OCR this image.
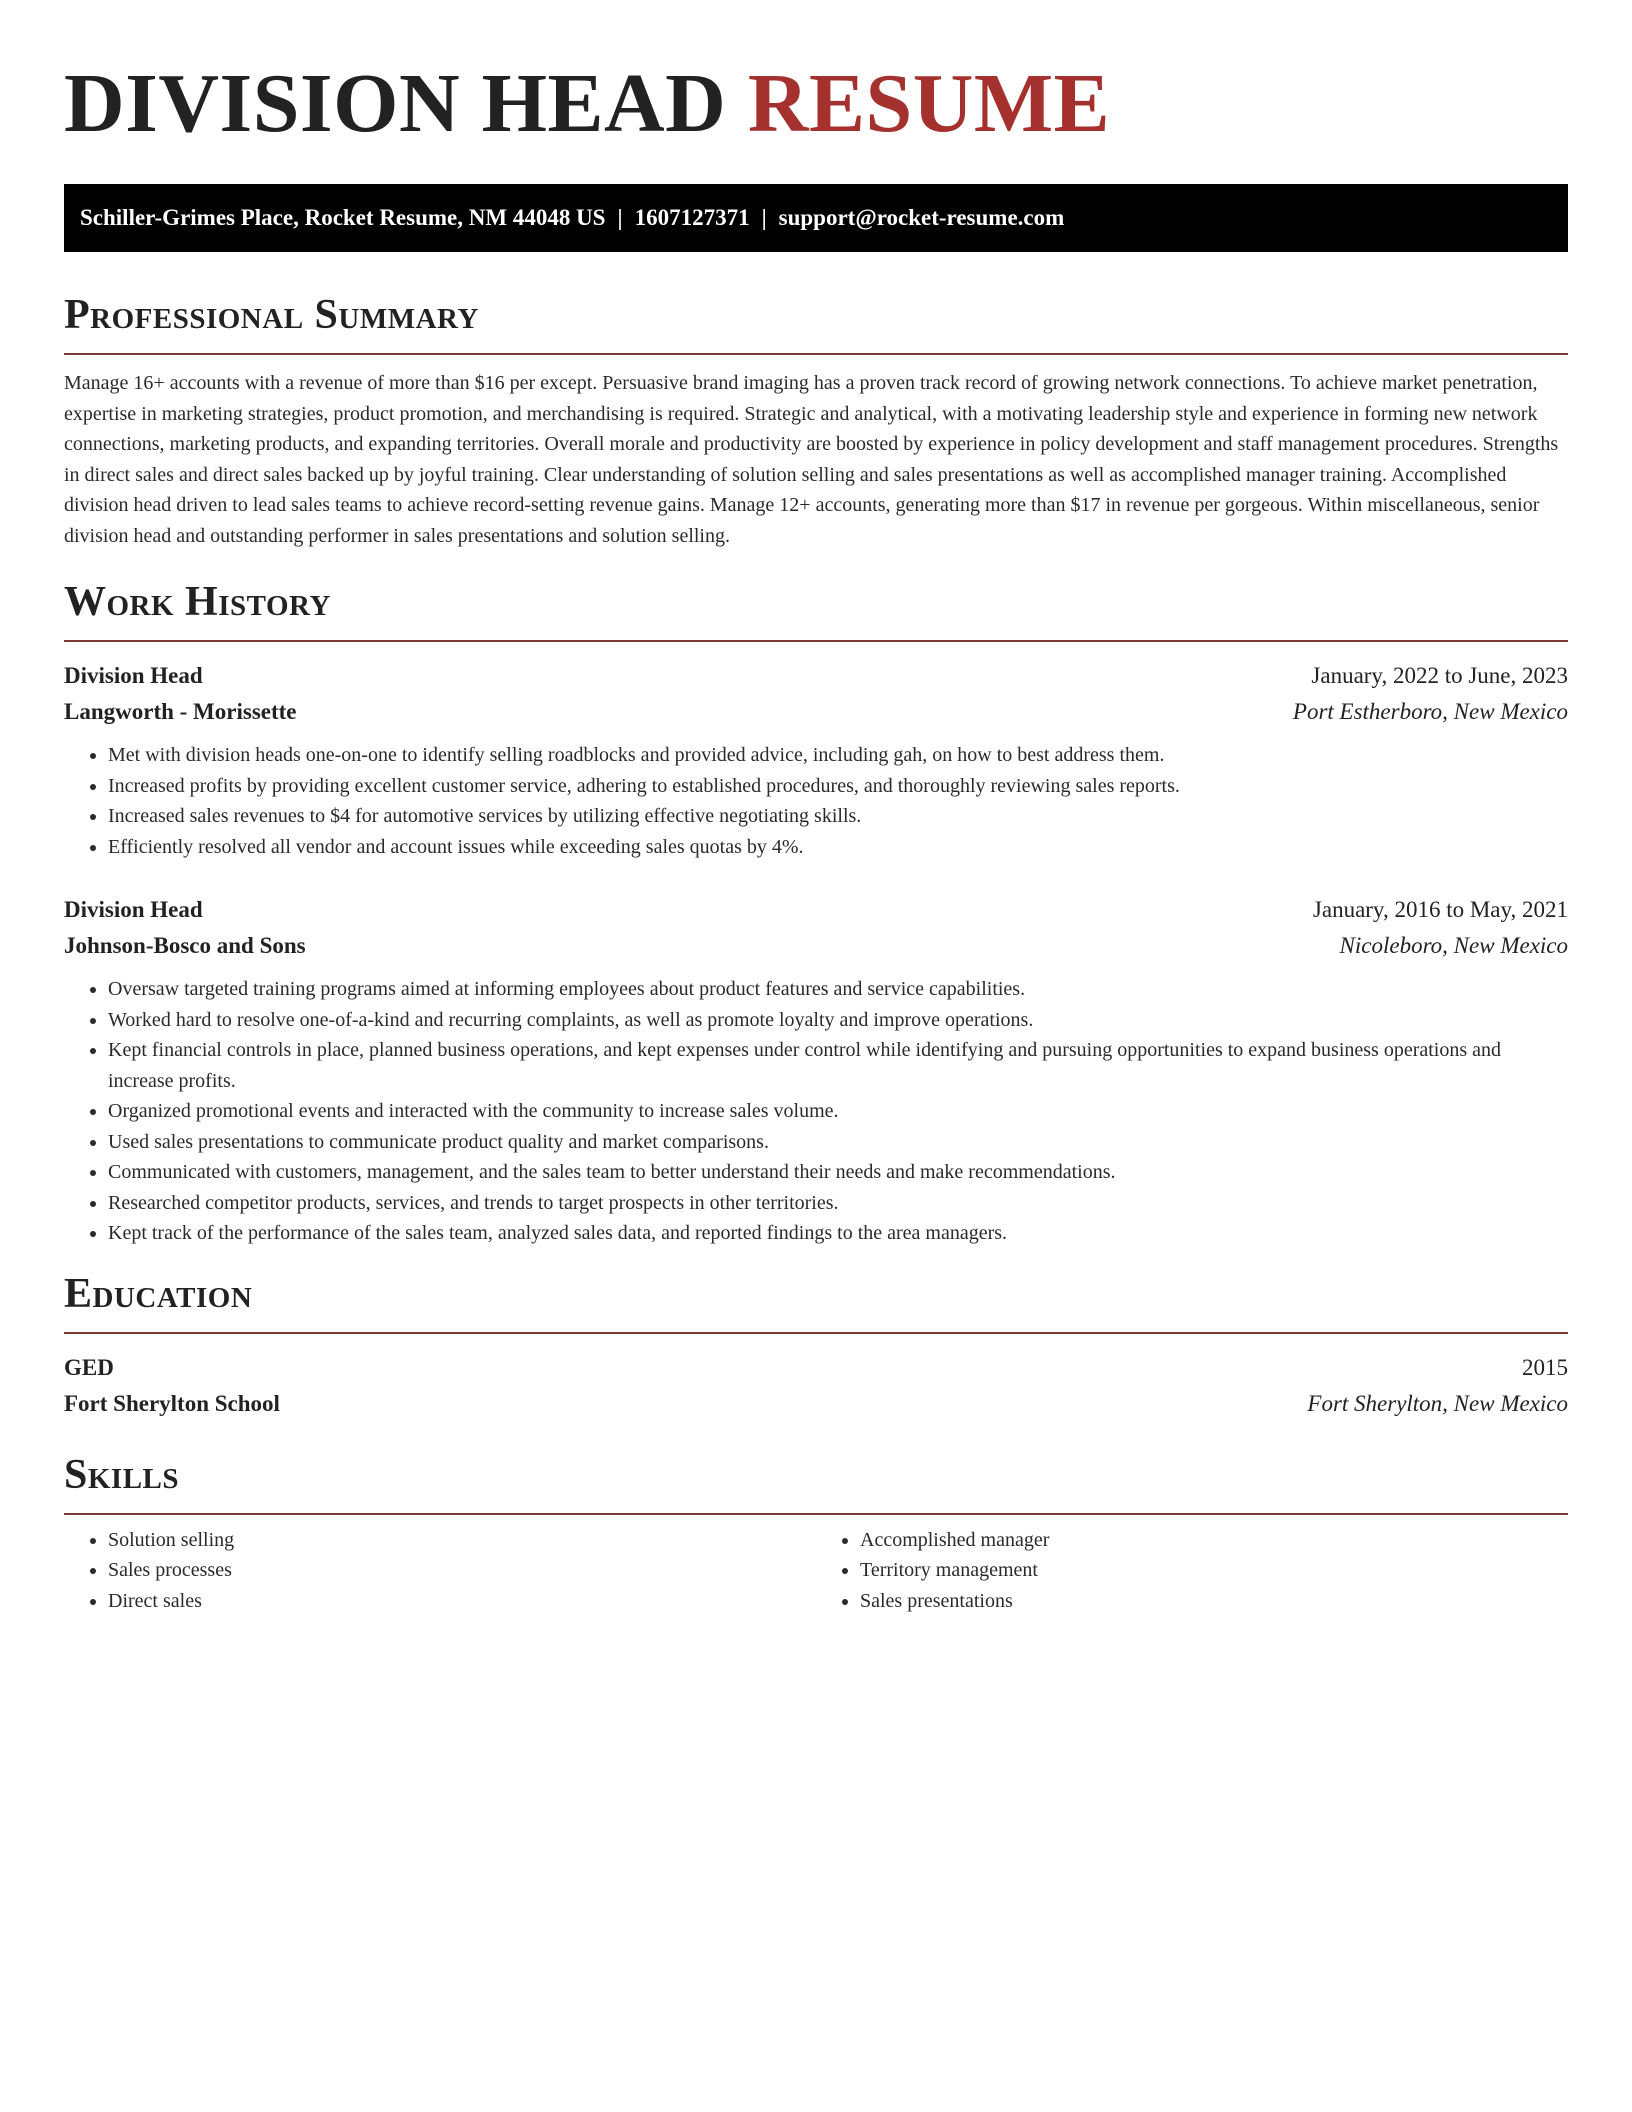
DIVISION HEAD RESUME
Schiller-Grimes Place, Rocket Resume, NM 44048 US | 1607127371 | support@rocket-resume.com
Professional Summary

Manage 16+ accounts with a revenue of more than $16 per except. Persuasive brand imaging has a proven track record of growing network connections. To achieve market penetration, expertise in marketing strategies, product promotion, and merchandising is required. Strategic and analytical, with a motivating leadership style and experience in forming new network connections, marketing products, and expanding territories. Overall morale and productivity are boosted by experience in policy development and staff management procedures. Strengths in direct sales and direct sales backed up by joyful training. Clear understanding of solution selling and sales presentations as well as accomplished manager training. Accomplished division head driven to lead sales teams to achieve record-setting revenue gains. Manage 12+ accounts, generating more than $17 in revenue per gorgeous. Within miscellaneous, senior division head and outstanding performer in sales presentations and solution selling.

Work History
Division Head	January, 2022 to June, 2023
Langworth - Morissette	Port Estherboro, New Mexico
• Met with division heads one-on-one to identify selling roadblocks and provided advice, including gah, on how to best address them.
• Increased profits by providing excellent customer service, adhering to established procedures, and thoroughly reviewing sales reports.
• Increased sales revenues to $4 for automotive services by utilizing effective negotiating skills.
• Efficiently resolved all vendor and account issues while exceeding sales quotas by 4%.
Division Head	January, 2016 to May, 2021
Johnson-Bosco and Sons	Nicoleboro, New Mexico
• Oversaw targeted training programs aimed at informing employees about product features and service capabilities.
• Worked hard to resolve one-of-a-kind and recurring complaints, as well as promote loyalty and improve operations.
• Kept financial controls in place, planned business operations, and kept expenses under control while identifying and pursuing opportunities to expand business operations and increase profits.
• Organized promotional events and interacted with the community to increase sales volume.
• Used sales presentations to communicate product quality and market comparisons.
• Communicated with customers, management, and the sales team to better understand their needs and make recommendations.
• Researched competitor products, services, and trends to target prospects in other territories.
• Kept track of the performance of the sales team, analyzed sales data, and reported findings to the area managers.
Education
GED	2015
Fort Sherylton School	Fort Sherylton, New Mexico
Skills
• Solution selling
• Sales processes
• Direct sales
• Accomplished manager
• Territory management
• Sales presentations
